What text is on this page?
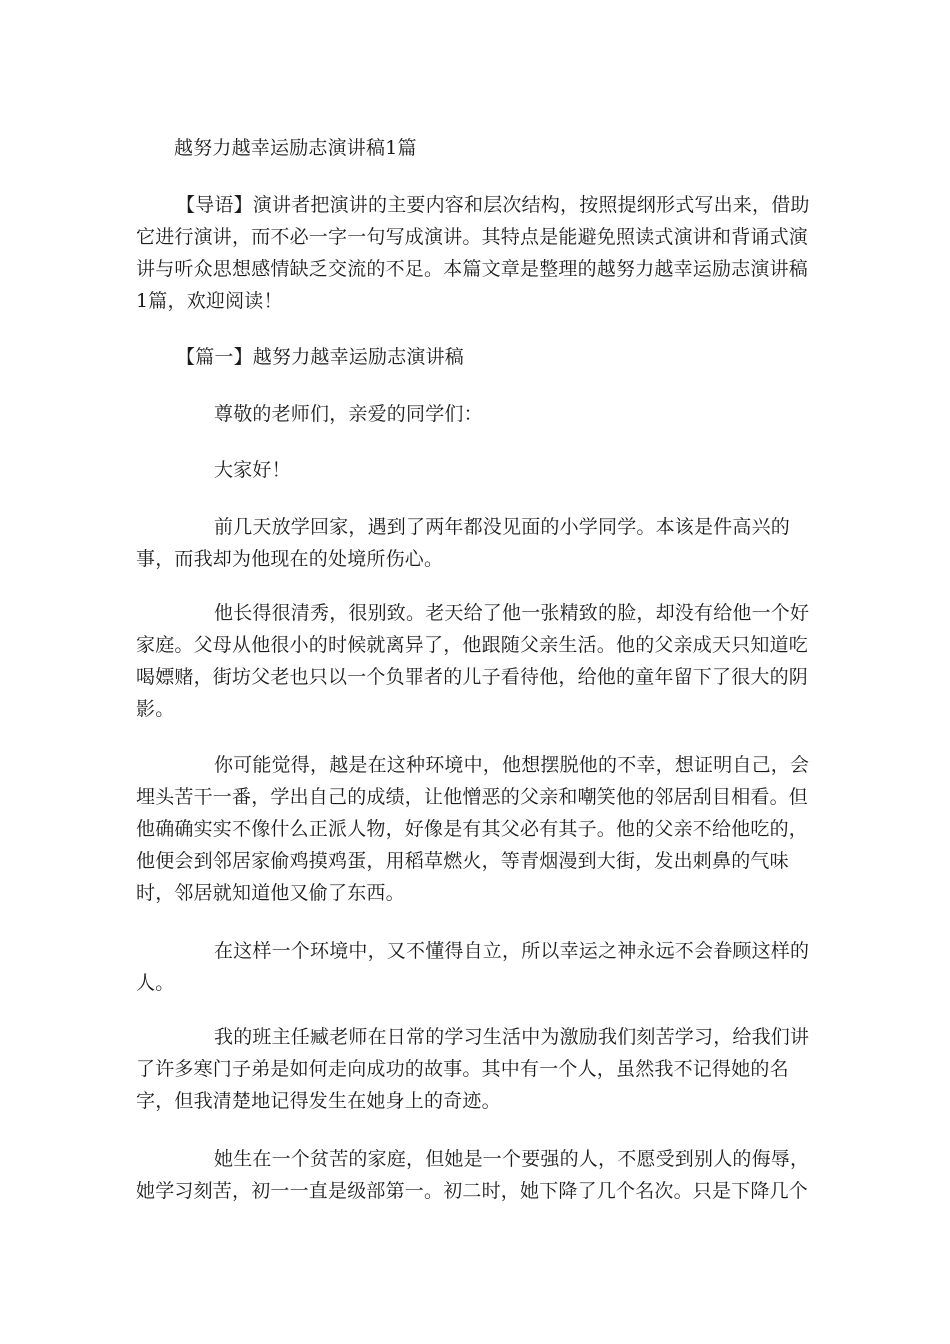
越努力越幸运励志演讲稿1篇

【导语】演讲者把演讲的主要内容和层次结构，按照提纲形式写出来，借助它进行演讲，而不必一字一句写成演讲。其特点是能避免照读式演讲和背诵式演讲与听众思想感情缺乏交流的不足。本篇文章是整理的越努力越幸运励志演讲稿1篇，欢迎阅读！

【篇一】越努力越幸运励志演讲稿

尊敬的老师们，亲爱的同学们：

大家好！

前几天放学回家，遇到了两年都没见面的小学同学。本该是件高兴的事，而我却为他现在的处境所伤心。

他长得很清秀，很别致。老天给了他一张精致的脸，却没有给他一个好家庭。父母从他很小的时候就离异了，他跟随父亲生活。他的父亲成天只知道吃喝嫖赌，街坊父老也只以一个负罪者的儿子看待他，给他的童年留下了很大的阴影。

你可能觉得，越是在这种环境中，他想摆脱他的不幸，想证明自己，会埋头苦干一番，学出自己的成绩，让他憎恶的父亲和嘲笑他的邻居刮目相看。但他确确实实不像什么正派人物，好像是有其父必有其子。他的父亲不给他吃的，他便会到邻居家偷鸡摸鸡蛋，用稻草燃火，等青烟漫到大街，发出刺鼻的气味时，邻居就知道他又偷了东西。

在这样一个环境中，又不懂得自立，所以幸运之神永远不会眷顾这样的人。

我的班主任臧老师在日常的学习生活中为激励我们刻苦学习，给我们讲了许多寒门子弟是如何走向成功的故事。其中有一个人，虽然我不记得她的名字，但我清楚地记得发生在她身上的奇迹。

她生在一个贫苦的家庭，但她是一个要强的人，不愿受到别人的侮辱，她学习刻苦，初一一直是级部第一。初二时，她下降了几个名次。只是下降几个
